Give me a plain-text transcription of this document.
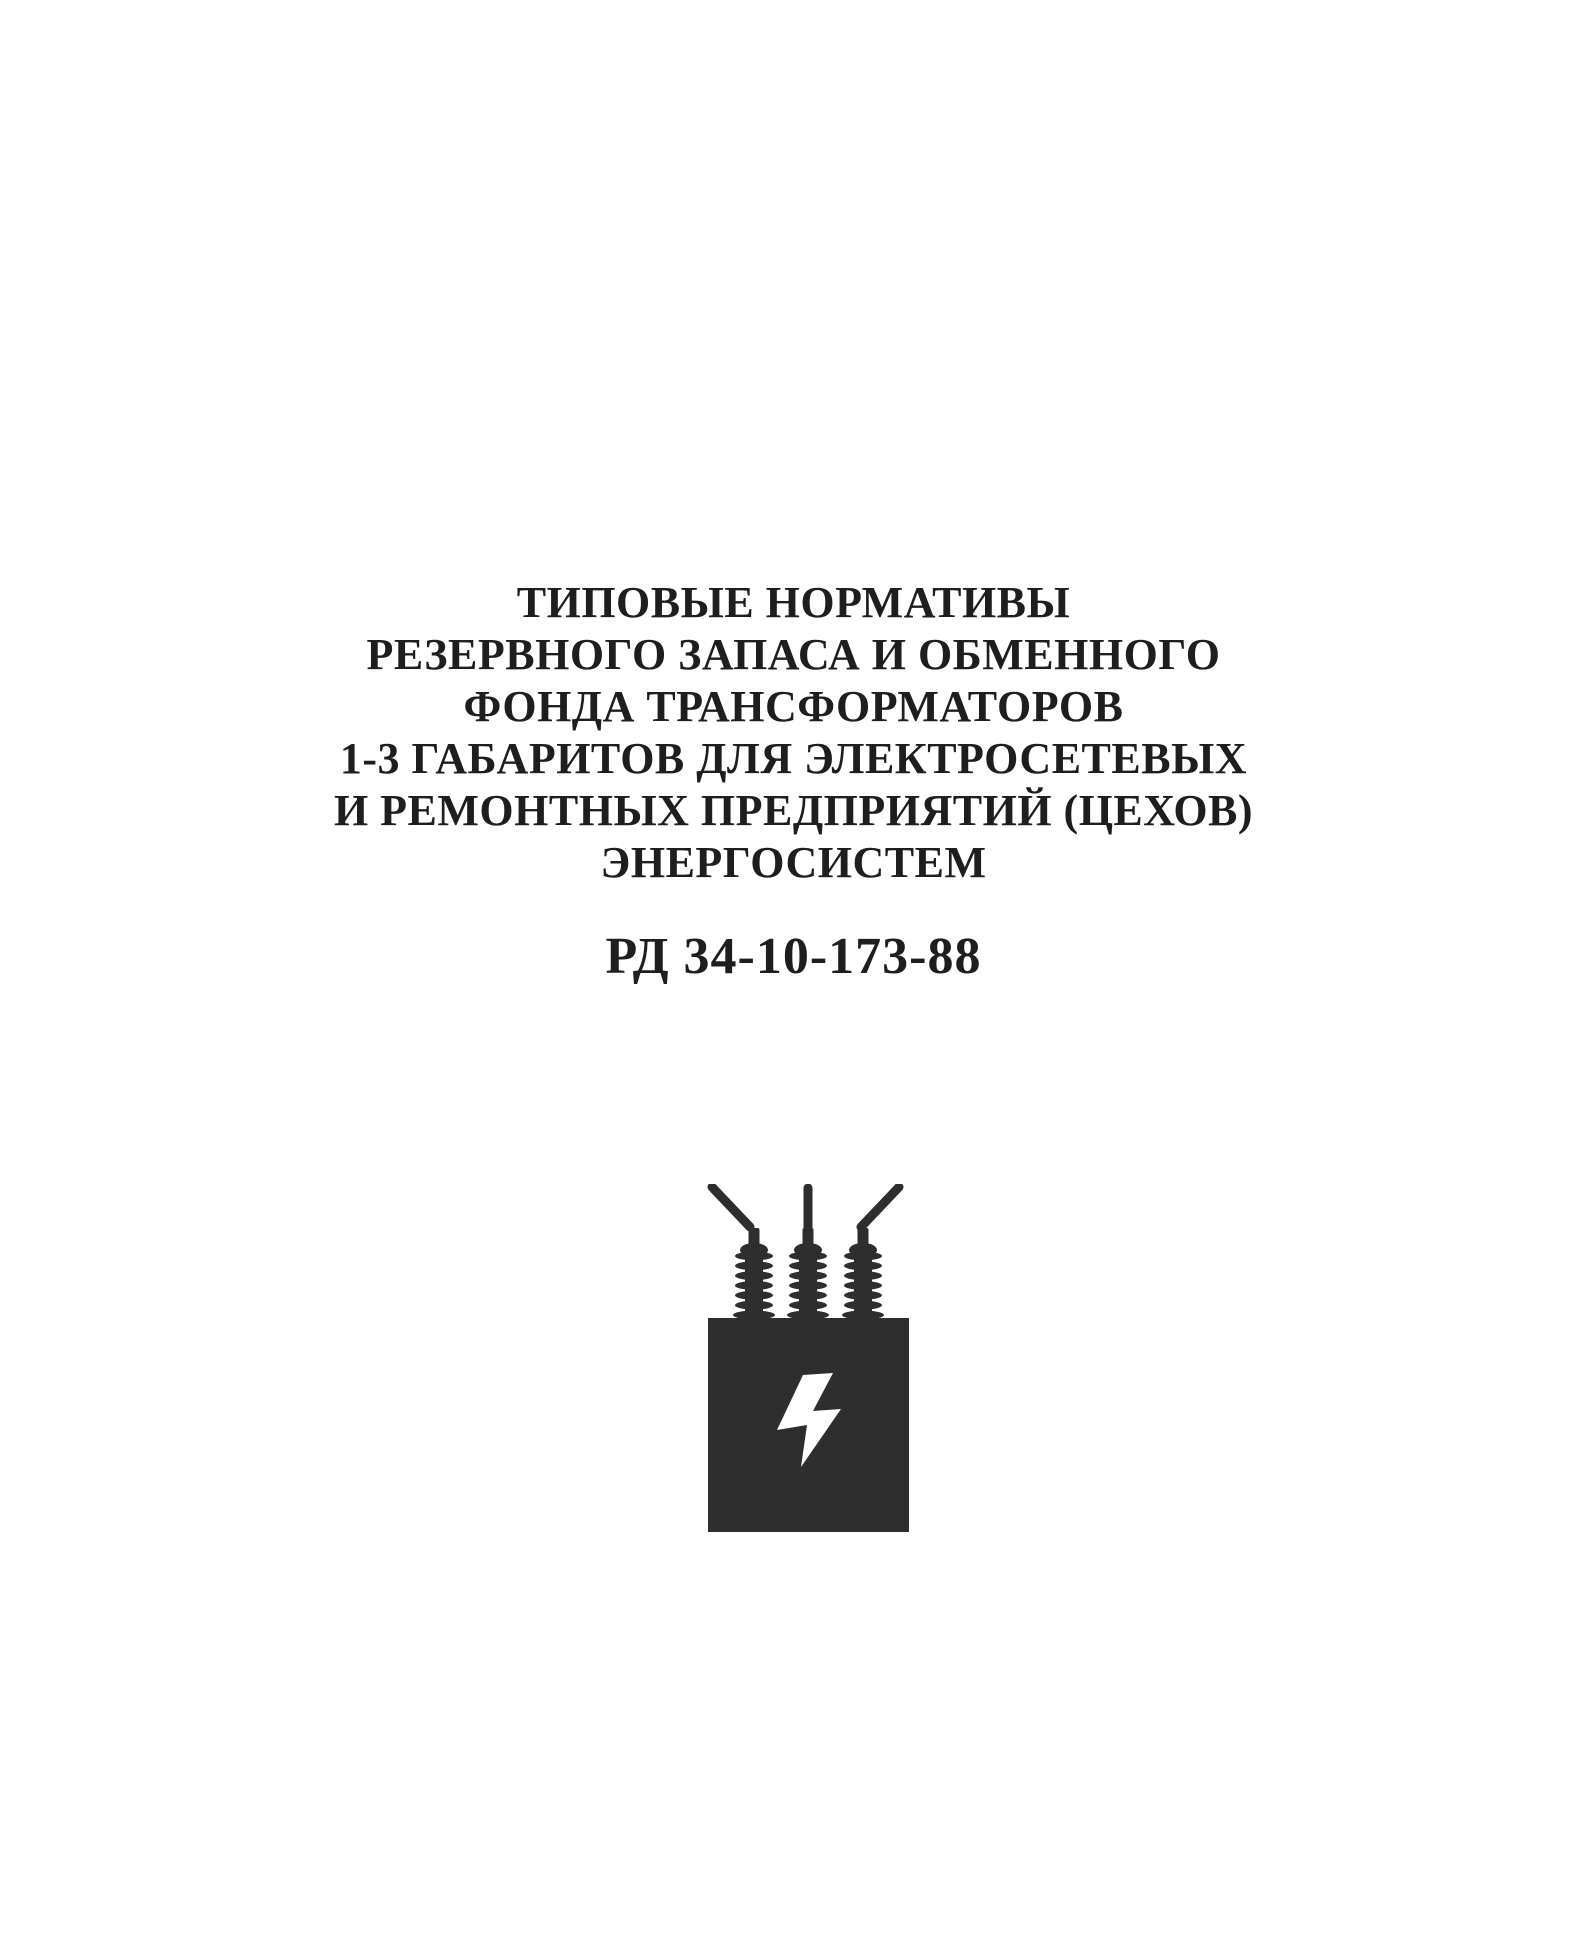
ТИПОВЫЕ НОРМАТИВЫ
РЕЗЕРВНОГО ЗАПАСА И ОБМЕННОГО
ФОНДА ТРАНСФОРМАТОРОВ
1-3 ГАБАРИТОВ ДЛЯ ЭЛЕКТРОСЕТЕВЫХ
И РЕМОНТНЫХ ПРЕДПРИЯТИЙ (ЦЕХОВ)
ЭНЕРГОСИСТЕМ
РД 34-10-173-88
